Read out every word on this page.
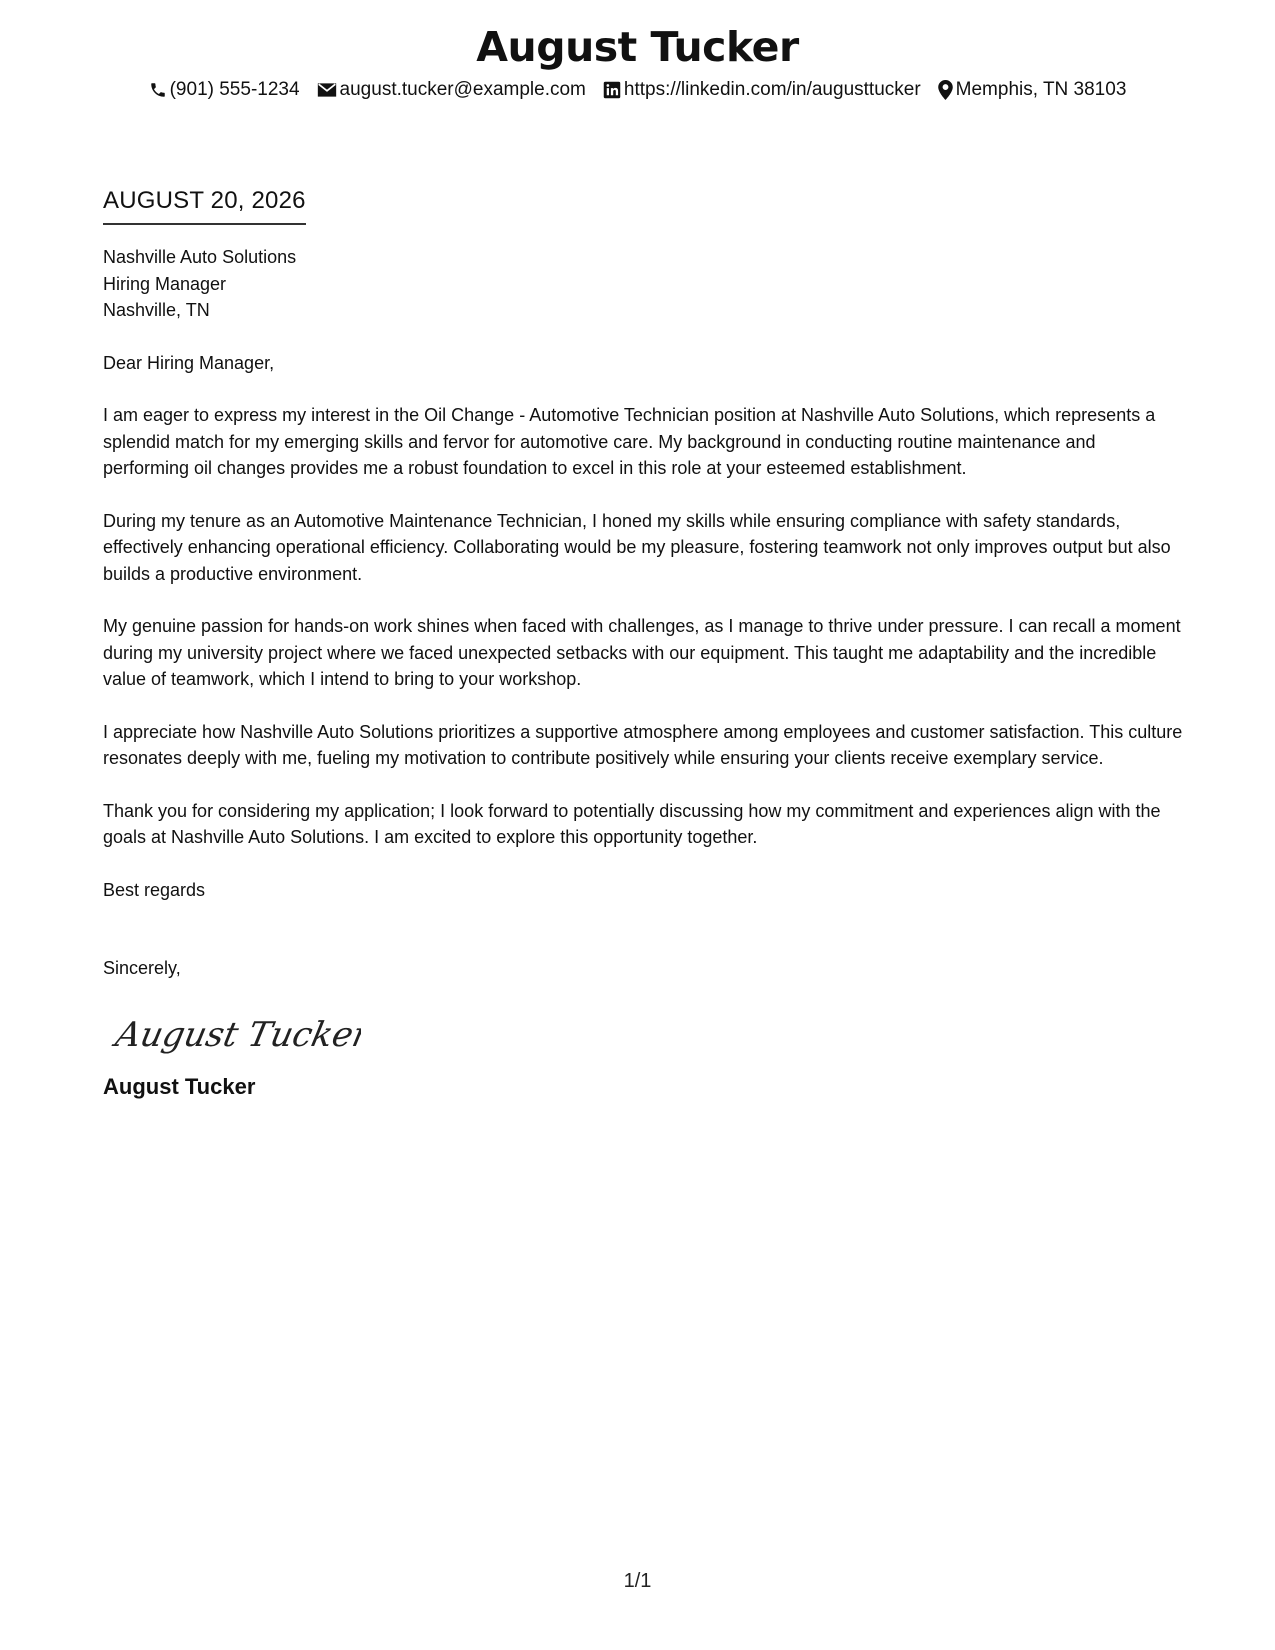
August Tucker
(901) 555-1234 august.tucker@example.com https://linkedin.com/in/augusttucker Memphis, TN 38103
AUGUST 20, 2026
Nashville Auto Solutions
Hiring Manager
Nashville, TN
Dear Hiring Manager,
I am eager to express my interest in the Oil Change - Automotive Technician position at Nashville Auto Solutions, which represents a splendid match for my emerging skills and fervor for automotive care. My background in conducting routine maintenance and performing oil changes provides me a robust foundation to excel in this role at your esteemed establishment.
During my tenure as an Automotive Maintenance Technician, I honed my skills while ensuring compliance with safety standards, effectively enhancing operational efficiency. Collaborating would be my pleasure, fostering teamwork not only improves output but also builds a productive environment.
My genuine passion for hands-on work shines when faced with challenges, as I manage to thrive under pressure. I can recall a moment during my university project where we faced unexpected setbacks with our equipment. This taught me adaptability and the incredible value of teamwork, which I intend to bring to your workshop.
I appreciate how Nashville Auto Solutions prioritizes a supportive atmosphere among employees and customer satisfaction. This culture resonates deeply with me, fueling my motivation to contribute positively while ensuring your clients receive exemplary service.
Thank you for considering my application; I look forward to potentially discussing how my commitment and experiences align with the goals at Nashville Auto Solutions. I am excited to explore this opportunity together.
Best regards
Sincerely,
August Tucker
August Tucker
1/1
